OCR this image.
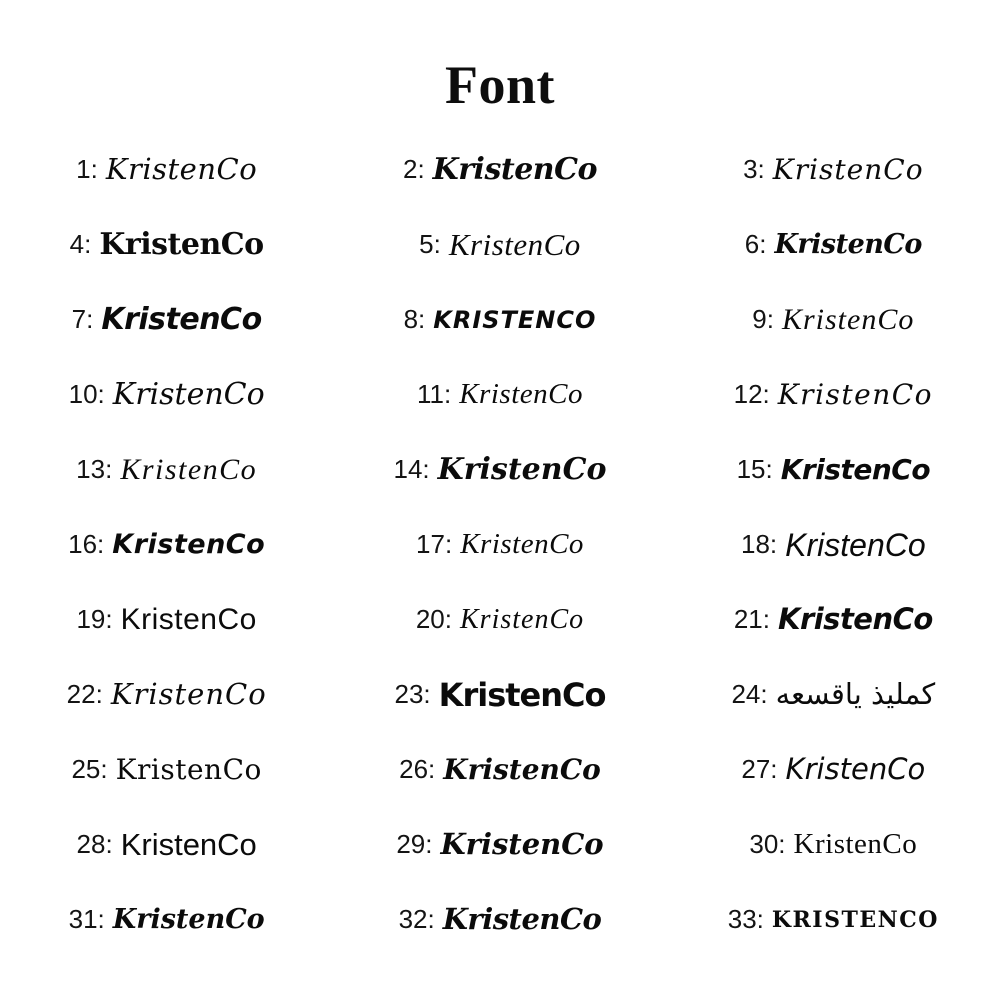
Font
1: KristenCo	2: KristenCo	3: KristenCo
4: KristenCo	5: KristenCo	6: KristenCo
7: KristenCo	8: KRISTENCO	9: KristenCo
10: KristenCo	11: KristenCo	12: KristenCo
13: KristenCo	14: KristenCo	15: KristenCo
16: KristenCo	17: KristenCo	18: KristenCo
19: KristenCo	20: KristenCo	21: KristenCo
22: KristenCo	23: KristenCo	24: كمليذ ياقسعه
25: KristenCo	26: KristenCo	27: KristenCo
28: KristenCo	29: KristenCo	30: KristenCo
31: KristenCo	32: KristenCo	33: KRISTENCO
